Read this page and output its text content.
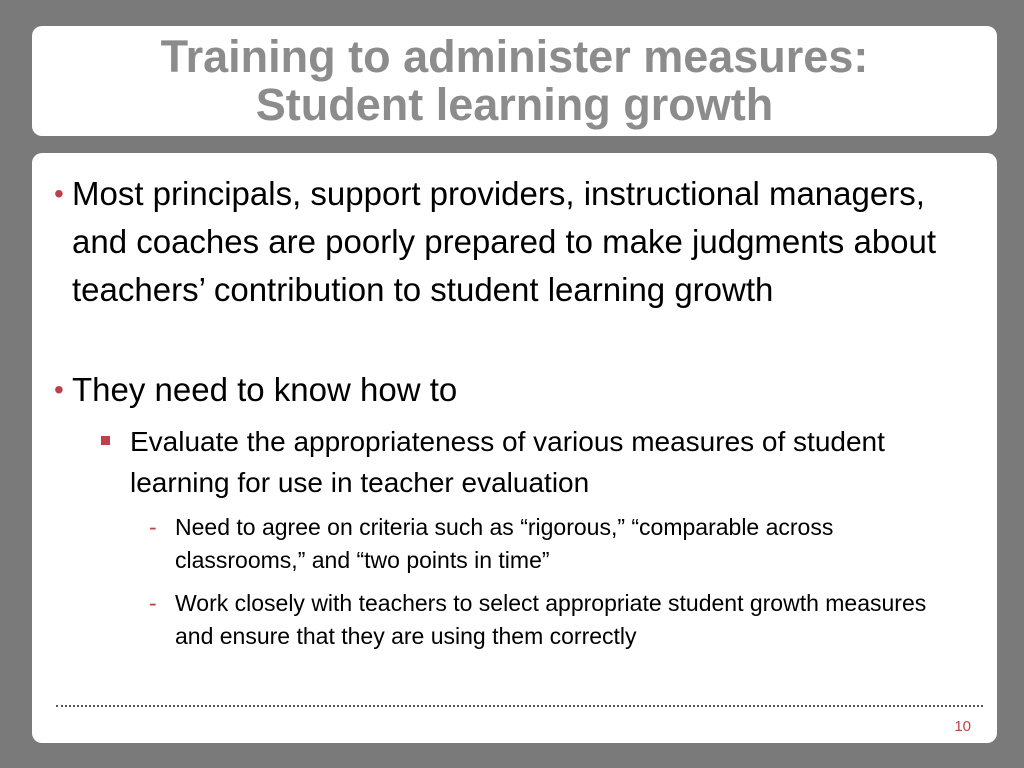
Training to administer measures:
Student learning growth
• Most principals, support providers, instructional managers, and coaches are poorly prepared to make judgments about teachers’ contribution to student learning growth
• They need to know how to
Evaluate the appropriateness of various measures of student learning for use in teacher evaluation
- Need to agree on criteria such as “rigorous,” “comparable across classrooms,” and “two points in time”
- Work closely with teachers to select appropriate student growth measures and ensure that they are using them correctly
10
